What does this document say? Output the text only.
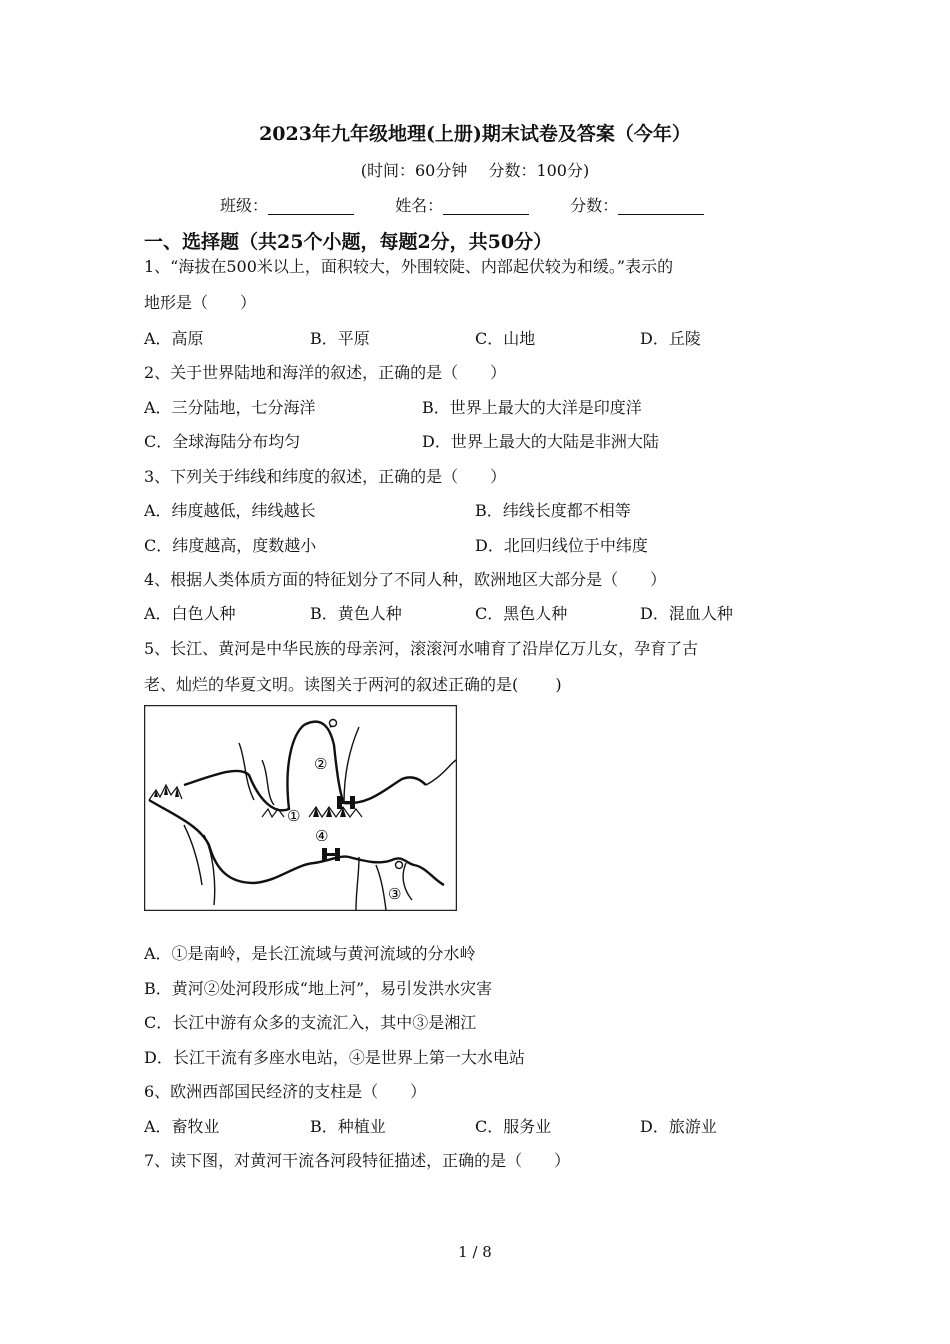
2023年九年级地理(上册)期末试卷及答案（今年）
(时间：60分钟　 分数：100分)
班级：	姓名：	分数：
一、选择题（共25个小题，每题2分，共50分）
1、“海拔在500米以上，面积较大，外围较陡、内部起伏较为和缓。”表示的
地形是（　　）
A．高原	B．平原	C．山地	D．丘陵
2、关于世界陆地和海洋的叙述，正确的是（　　）
A．三分陆地，七分海洋	B．世界上最大的大洋是印度洋
C．全球海陆分布均匀	D．世界上最大的大陆是非洲大陆
3、下列关于纬线和纬度的叙述，正确的是（　　）
A．纬度越低，纬线越长	B．纬线长度都不相等
C．纬度越高，度数越小	D．北回归线位于中纬度
4、根据人类体质方面的特征划分了不同人种，欧洲地区大部分是（　　）
A．白色人种	B．黄色人种	C．黑色人种	D．混血人种
5、长江、黄河是中华民族的母亲河，滚滚河水哺育了沿岸亿万儿女，孕育了古
老、灿烂的华夏文明。读图关于两河的叙述正确的是(　　 )
②
①
④
③
A．①是南岭，是长江流域与黄河流域的分水岭
B．黄河②处河段形成“地上河”，易引发洪水灾害
C．长江中游有众多的支流汇入，其中③是湘江
D．长江干流有多座水电站，④是世界上第一大水电站
6、欧洲西部国民经济的支柱是（　　）
A．畜牧业	B．种植业	C．服务业	D．旅游业
7、读下图，对黄河干流各河段特征描述，正确的是（　　）
1 / 8
